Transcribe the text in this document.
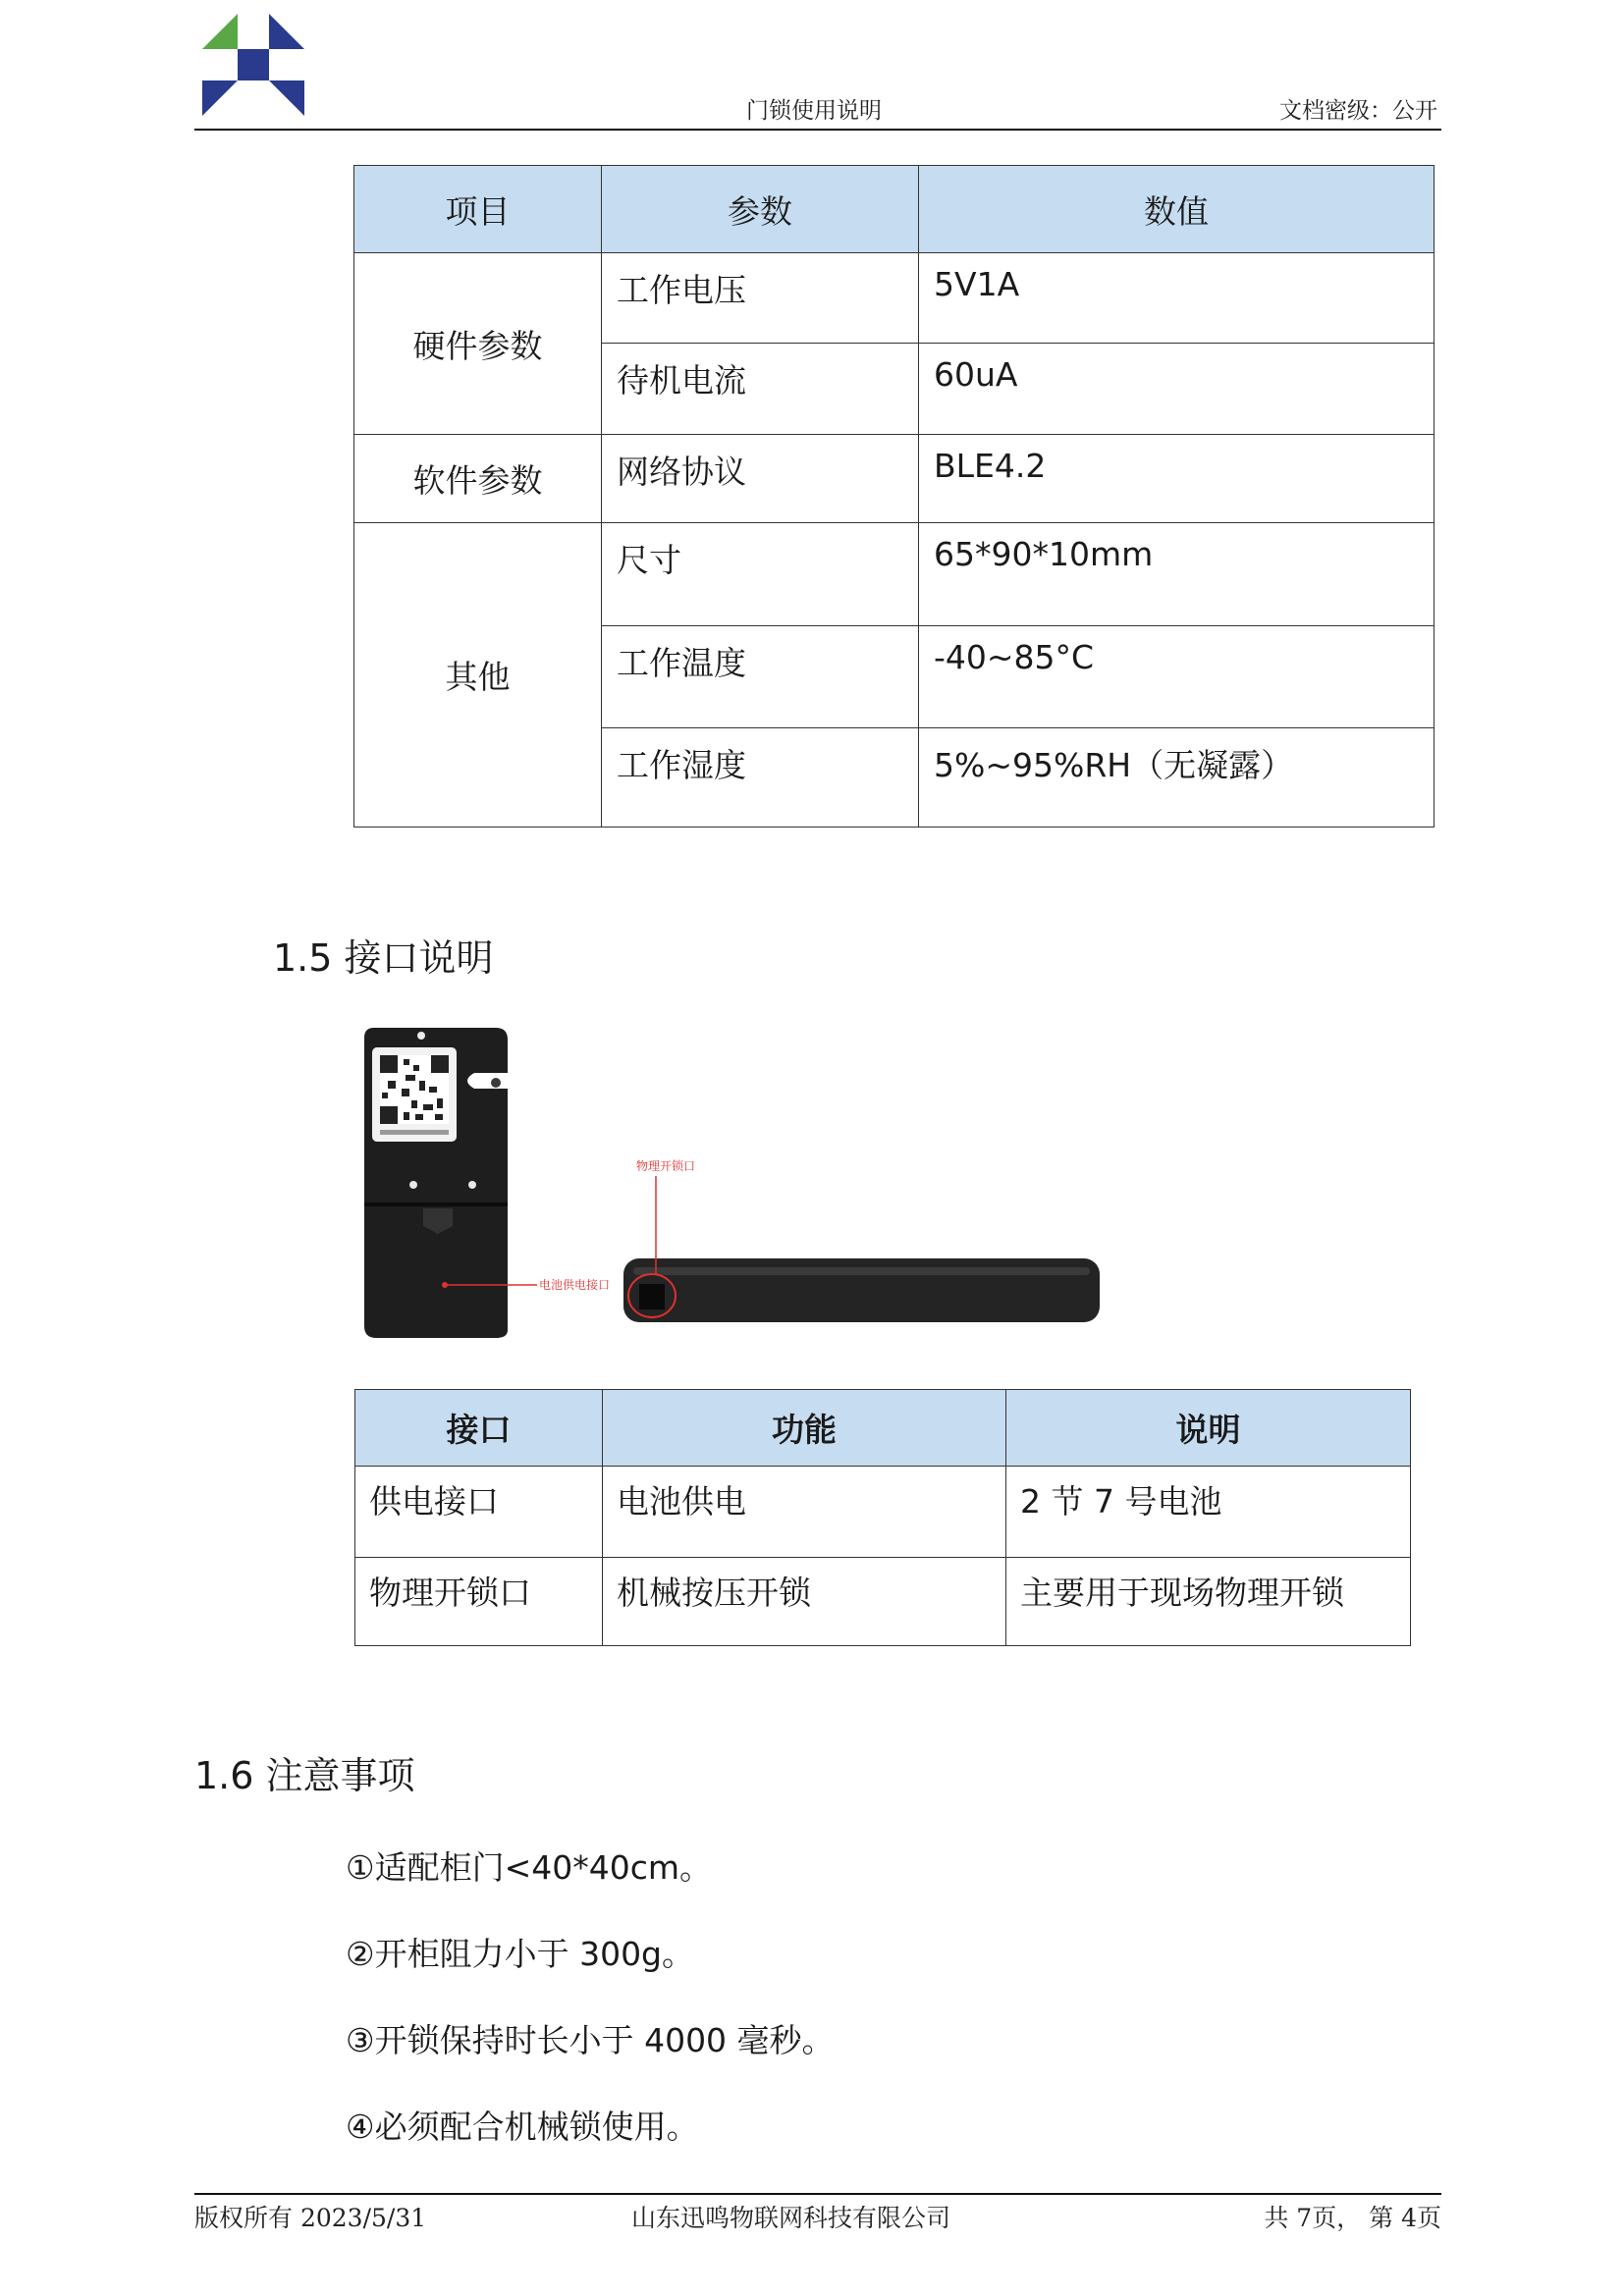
门锁使用说明	文档密级：公开
项目	参数	数值
硬件参数	工作电压	5V1A
	待机电流	60uA
软件参数	网络协议	BLE4.2
其他	尺寸	65*90*10mm
	工作温度	-40~85°C
	工作湿度	5%~95%RH（无凝露）
1.5 接口说明
电池供电接口
物理开锁口
接口	功能	说明
供电接口	电池供电	2 节 7 号电池
物理开锁口	机械按压开锁	主要用于现场物理开锁
1.6 注意事项
①适配柜门<40*40cm。
②开柜阻力小于 300g。
③开锁保持时长小于 4000 毫秒。
④必须配合机械锁使用。
版权所有 2023/5/31	山东迅鸣物联网科技有限公司	共 7页， 第 4页
